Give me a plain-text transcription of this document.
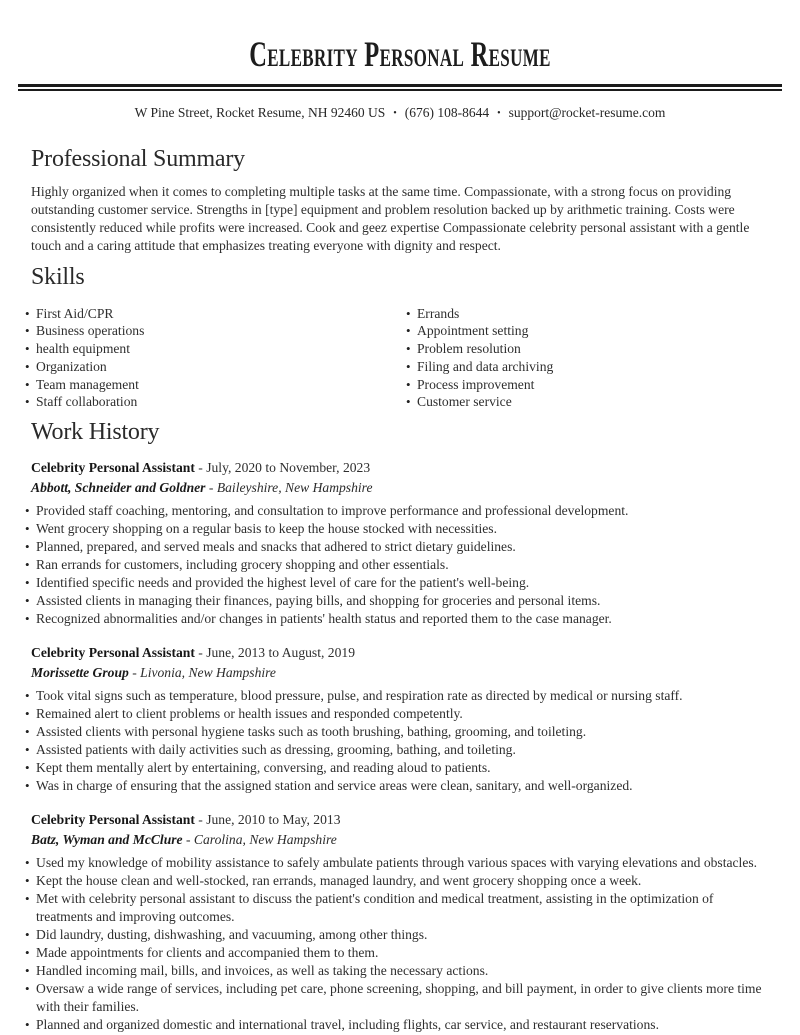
Celebrity Personal Resume
W Pine Street, Rocket Resume, NH 92460 US • (676) 108-8644 • support@rocket-resume.com
Professional Summary

Highly organized when it comes to completing multiple tasks at the same time. Compassionate, with a strong focus on providing outstanding customer service. Strengths in [type] equipment and problem resolution backed up by arithmetic training. Costs were consistently reduced while profits were increased. Cook and geez expertise Compassionate celebrity personal assistant with a gentle touch and a caring attitude that emphasizes treating everyone with dignity and respect.

Skills
• First Aid/CPR
• Business operations
• health equipment
• Organization
• Team management
• Staff collaboration
• Errands
• Appointment setting
• Problem resolution
• Filing and data archiving
• Process improvement
• Customer service
Work History
Celebrity Personal Assistant - July, 2020 to November, 2023
Abbott, Schneider and Goldner - Baileyshire, New Hampshire
• Provided staff coaching, mentoring, and consultation to improve performance and professional development.
• Went grocery shopping on a regular basis to keep the house stocked with necessities.
• Planned, prepared, and served meals and snacks that adhered to strict dietary guidelines.
• Ran errands for customers, including grocery shopping and other essentials.
• Identified specific needs and provided the highest level of care for the patient's well-being.
• Assisted clients in managing their finances, paying bills, and shopping for groceries and personal items.
• Recognized abnormalities and/or changes in patients' health status and reported them to the case manager.
Celebrity Personal Assistant - June, 2013 to August, 2019
Morissette Group - Livonia, New Hampshire
• Took vital signs such as temperature, blood pressure, pulse, and respiration rate as directed by medical or nursing staff.
• Remained alert to client problems or health issues and responded competently.
• Assisted clients with personal hygiene tasks such as tooth brushing, bathing, grooming, and toileting.
• Assisted patients with daily activities such as dressing, grooming, bathing, and toileting.
• Kept them mentally alert by entertaining, conversing, and reading aloud to patients.
• Was in charge of ensuring that the assigned station and service areas were clean, sanitary, and well-organized.
Celebrity Personal Assistant - June, 2010 to May, 2013
Batz, Wyman and McClure - Carolina, New Hampshire
• Used my knowledge of mobility assistance to safely ambulate patients through various spaces with varying elevations and obstacles.
• Kept the house clean and well-stocked, ran errands, managed laundry, and went grocery shopping once a week.
• Met with celebrity personal assistant to discuss the patient's condition and medical treatment, assisting in the optimization of treatments and improving outcomes.
• Did laundry, dusting, dishwashing, and vacuuming, among other things.
• Made appointments for clients and accompanied them to them.
• Handled incoming mail, bills, and invoices, as well as taking the necessary actions.
• Oversaw a wide range of services, including pet care, phone screening, shopping, and bill payment, in order to give clients more time with their families.
• Planned and organized domestic and international travel, including flights, car service, and restaurant reservations.
